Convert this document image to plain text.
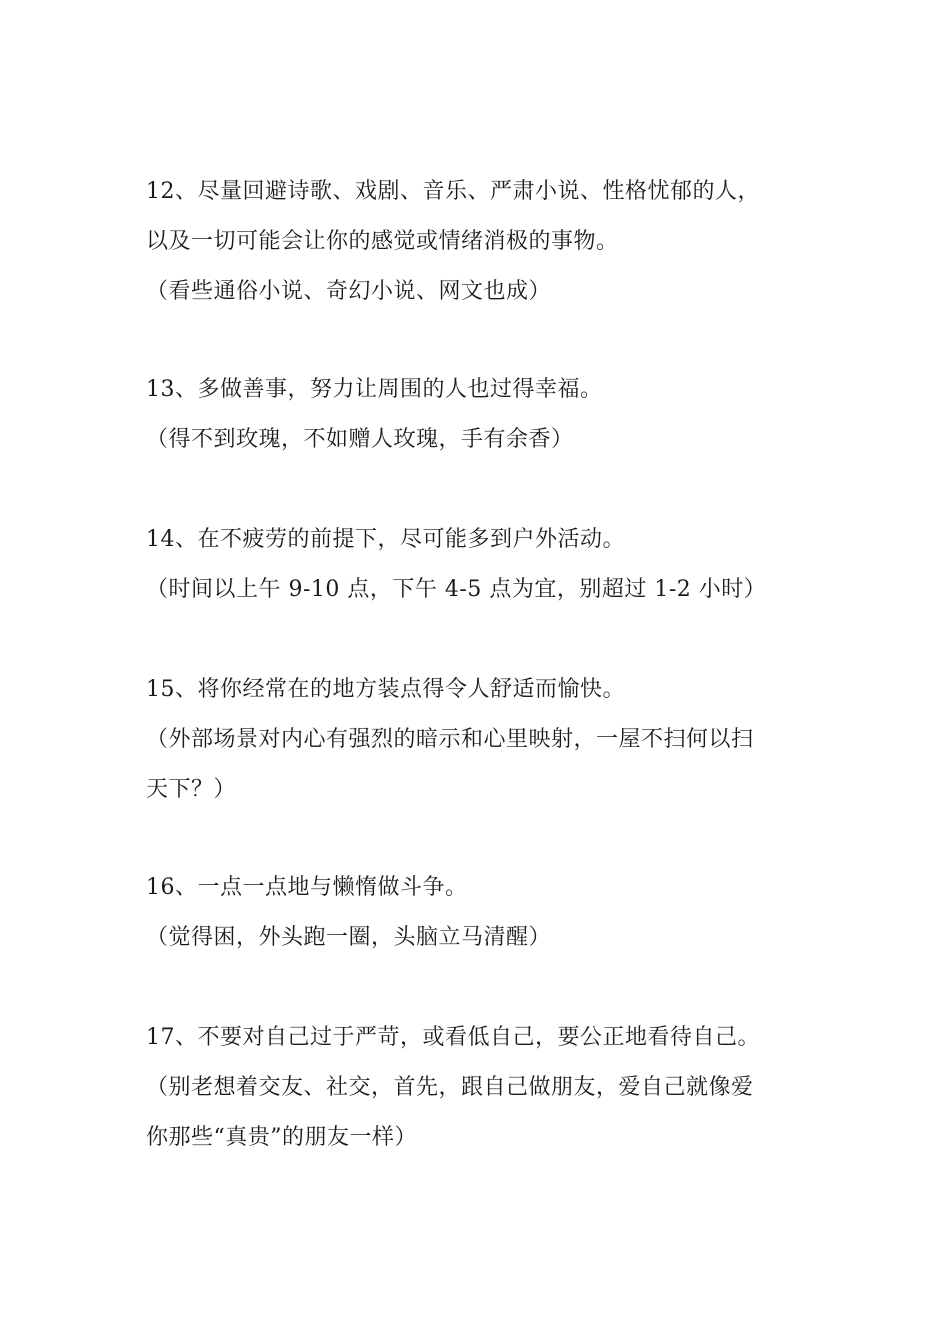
12、尽量回避诗歌、戏剧、音乐、严肃小说、性格忧郁的人，
以及一切可能会让你的感觉或情绪消极的事物。
（看些通俗小说、奇幻小说、网文也成）
13、多做善事，努力让周围的人也过得幸福。
（得不到玫瑰，不如赠人玫瑰，手有余香）
14、在不疲劳的前提下，尽可能多到户外活动。
（时间以上午 9-10 点，下午 4-5 点为宜，别超过 1-2 小时）
15、将你经常在的地方装点得令人舒适而愉快。
（外部场景对内心有强烈的暗示和心里映射，一屋不扫何以扫
天下？）
16、一点一点地与懒惰做斗争。
（觉得困，外头跑一圈，头脑立马清醒）
17、不要对自己过于严苛，或看低自己，要公正地看待自己。
（别老想着交友、社交，首先，跟自己做朋友，爱自己就像爱
你那些“真贵”的朋友一样）
